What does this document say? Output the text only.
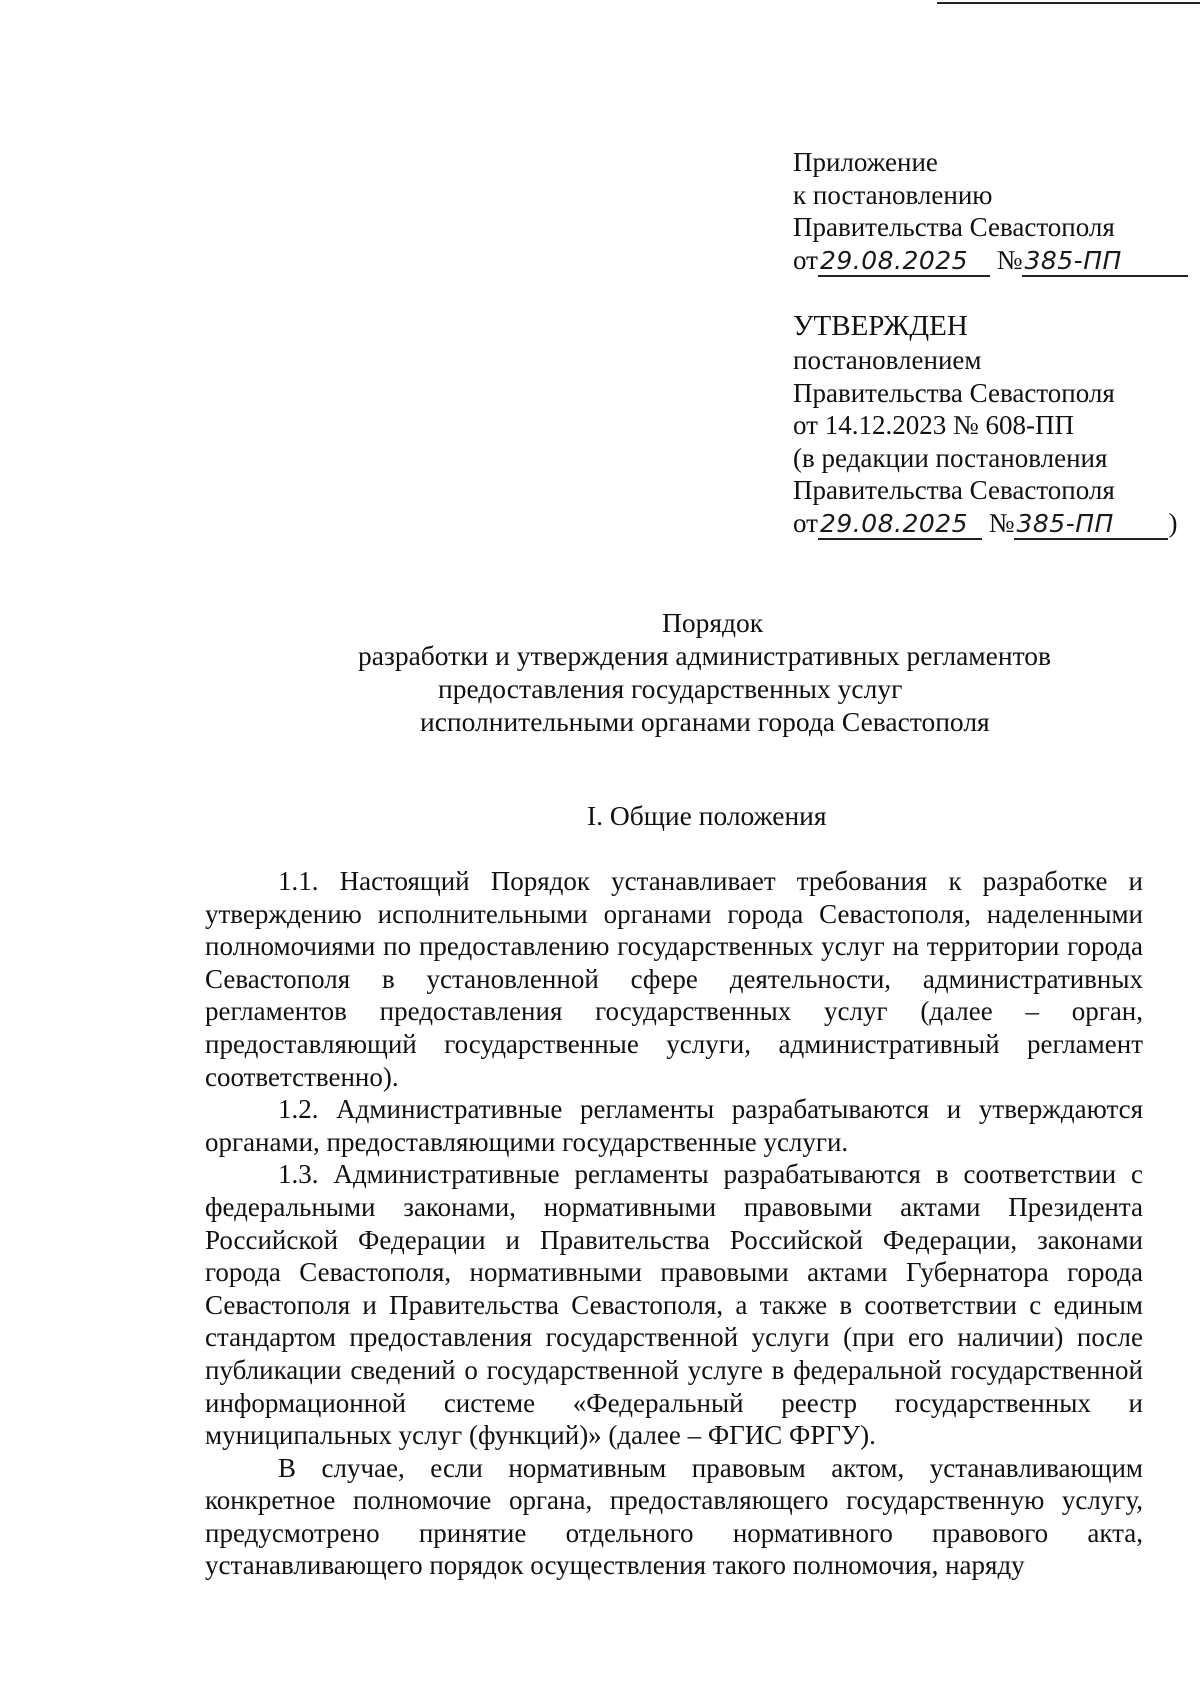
Приложение
к постановлению
Правительства Севастополя
от29.08.2025 №385-ПП
УТВЕРЖДЕН
постановлением
Правительства Севастополя
от 14.12.2023 № 608-ПП
(в редакции постановления
Правительства Севастополя
от29.08.2025 №385-ПП )
Порядок
разработки и утверждения административных регламентов
предоставления государственных услуг
исполнительными органами города Севастополя
I. Общие положения

1.1. Настоящий Порядок устанавливает требования к разработке и утверждению исполнительными органами города Севастополя, наделенными полномочиями по предоставлению государственных услуг на территории города Севастополя в установленной сфере деятельности, административных регламентов предоставления государственных услуг (далее – орган, предоставляющий государственные услуги, административный регламент соответственно).

1.2. Административные регламенты разрабатываются и утверждаются органами, предоставляющими государственные услуги.

1.3. Административные регламенты разрабатываются в соответствии с федеральными законами, нормативными правовыми актами Президента Российской Федерации и Правительства Российской Федерации, законами города Севастополя, нормативными правовыми актами Губернатора города Севастополя и Правительства Севастополя, а также в соответствии с единым стандартом предоставления государственной услуги (при его наличии) после публикации сведений о государственной услуге в федеральной государственной информационной системе «Федеральный реестр государственных и муниципальных услуг (функций)» (далее – ФГИС ФРГУ).

В случае, если нормативным правовым актом, устанавливающим конкретное полномочие органа, предоставляющего государственную услугу, предусмотрено принятие отдельного нормативного правового акта, устанавливающего порядок осуществления такого полномочия, наряду
